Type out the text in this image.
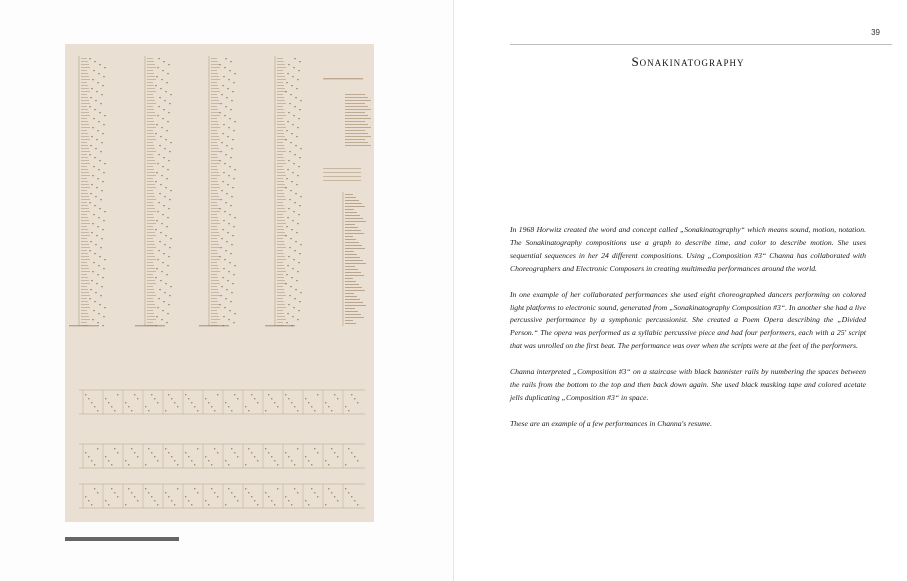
39
Sonakinatography

In 1968 Horwitz created the word and concept called „Sonakinatography“ which means sound, motion, notation. The Sonakinatography compositions use a graph to describe time, and color to describe motion. She uses sequential sequences in her 24 different compositions. Using „Composition #3“ Channa has collaborated with Choreographers and Electronic Composers in creating multimedia performances around the world.

In one example of her collaborated performances she used eight choreographed dancers performing on colored light platforms to electronic sound, generated from „Sonakinatography Composition #3“. In another she had a live percussive performance by a symphonic percussionist. She created a Poem Opera describing the „Divided Person.“ The opera was performed as a syllabic percussive piece and had four performers, each with a 25' script that was unrolled on the first beat. The performance was over when the scripts were at the feet of the performers.

Channa interpreted „Composition #3“ on a staircase with black bannister rails by numbering the spaces between the rails from the bottom to the top and then back down again. She used black masking tape and colored acetate jells duplicating „Composition #3“ in space.

These are an example of a few performances in Channa's resume.
